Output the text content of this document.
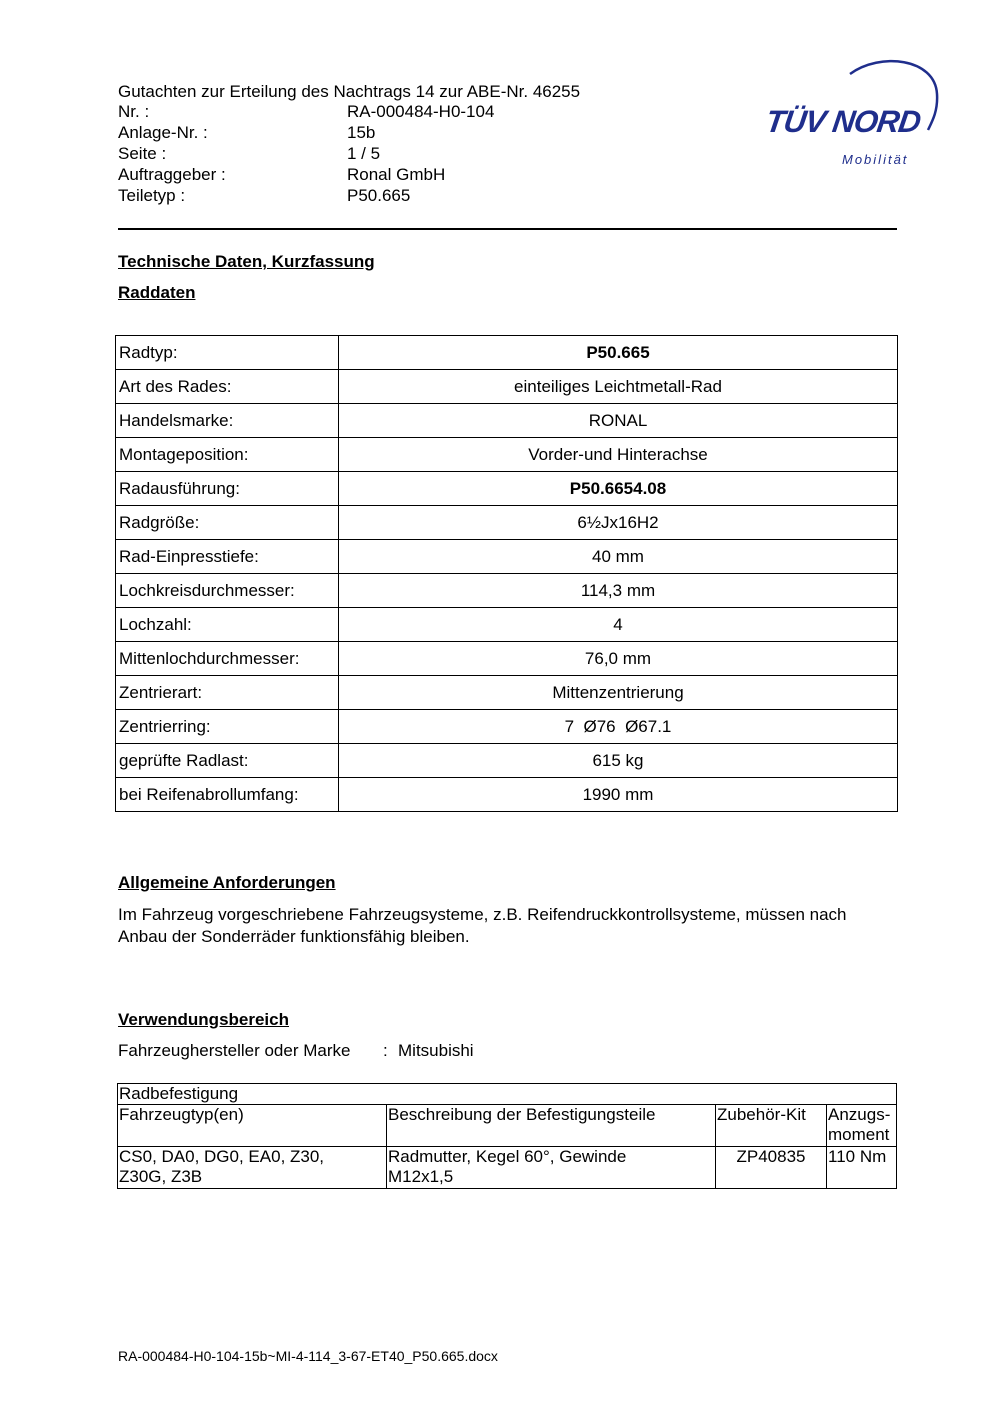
Gutachten zur Erteilung des Nachtrags 14 zur ABE-Nr. 46255
Nr. :	RA-000484-H0-104
Anlage-Nr. :	15b
Seite :	1 / 5
Auftraggeber :	Ronal GmbH
Teiletyp :	P50.665
TÜV NORD
Mobilität
Technische Daten, Kurzfassung
Raddaten
Radtyp:	P50.665
Art des Rades:	einteiliges Leichtmetall-Rad
Handelsmarke:	RONAL
Montageposition:	Vorder-und Hinterachse
Radausführung:	P50.6654.08
Radgröße:	6½Jx16H2
Rad-Einpresstiefe:	40 mm
Lochkreisdurchmesser:	114,3 mm
Lochzahl:	4
Mittenlochdurchmesser:	76,0 mm
Zentrierart:	Mittenzentrierung
Zentrierring:	7  Ø76  Ø67.1
geprüfte Radlast:	615 kg
bei Reifenabrollumfang:	1990 mm
Allgemeine Anforderungen
Im Fahrzeug vorgeschriebene Fahrzeugsysteme, z.B. Reifendruckkontrollsysteme, müssen nach Anbau der Sonderräder funktionsfähig bleiben.
Verwendungsbereich
Fahrzeughersteller oder Marke : Mitsubishi
Radbefestigung			
Fahrzeugtyp(en)	Beschreibung der Befestigungsteile	Zubehör-Kit	Anzugs-
moment
CS0, DA0, DG0, EA0, Z30,
Z30G, Z3B	Radmutter, Kegel 60°, Gewinde
M12x1,5	ZP40835	110 Nm
RA-000484-H0-104-15b~MI-4-114_3-67-ET40_P50.665.docx
